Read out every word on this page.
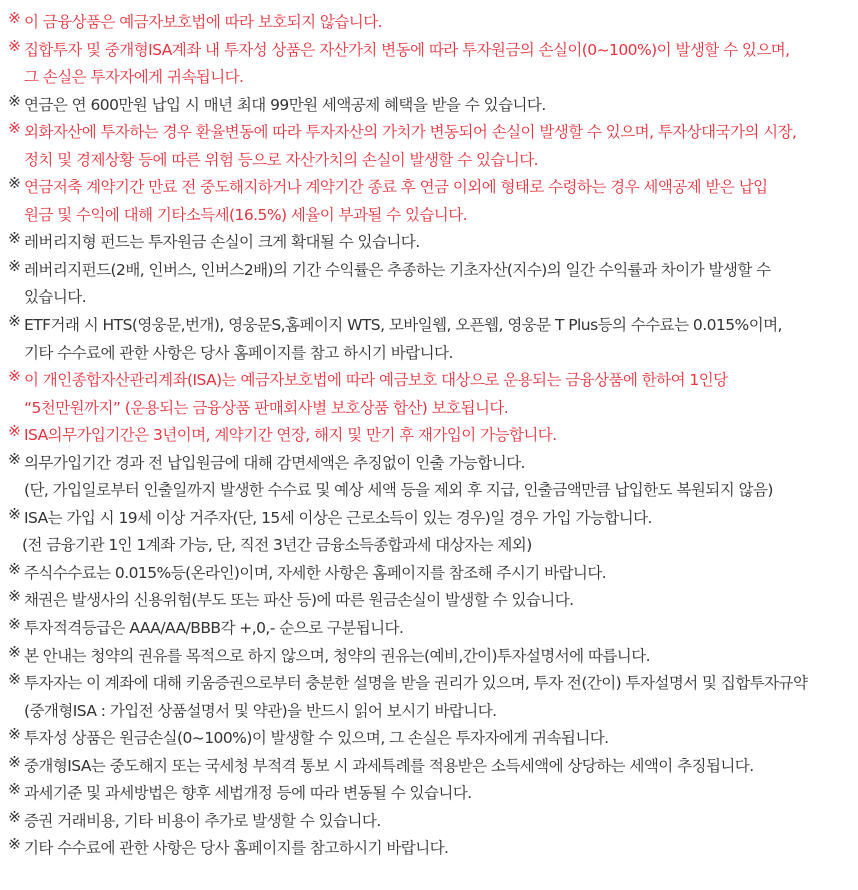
※ 이 금융상품은 예금자보호법에 따라 보호되지 않습니다.
※ 집합투자 및 중개형ISA계좌 내 투자성 상품은 자산가치 변동에 따라 투자원금의 손실이(0~100%)이 발생할 수 있으며,
그 손실은 투자자에게 귀속됩니다.
※ 연금은 연 600만원 납입 시 매년 최대 99만원 세액공제 혜택을 받을 수 있습니다.
※ 외화자산에 투자하는 경우 환율변동에 따라 투자자산의 가치가 변동되어 손실이 발생할 수 있으며, 투자상대국가의 시장,
정치 및 경제상황 등에 따른 위험 등으로 자산가치의 손실이 발생할 수 있습니다.
※ 연금저축 계약기간 만료 전 중도해지하거나 계약기간 종료 후 연금 이외에 형태로 수령하는 경우 세액공제 받은 납입
원금 및 수익에 대해 기타소득세(16.5%) 세율이 부과될 수 있습니다.
※ 레버리지형 펀드는 투자원금 손실이 크게 확대될 수 있습니다.
※ 레버리지펀드(2배, 인버스, 인버스2배)의 기간 수익률은 추종하는 기초자산(지수)의 일간 수익률과 차이가 발생할 수
있습니다.
※ ETF거래 시 HTS(영웅문,번개), 영웅문S,홈페이지 WTS, 모바일웹, 오픈웹, 영웅문 T Plus등의 수수료는 0.015%이며,
기타 수수료에 관한 사항은 당사 홈페이지를 참고 하시기 바랍니다.
※ 이 개인종합자산관리계좌(ISA)는 예금자보호법에 따라 예금보호 대상으로 운용되는 금융상품에 한하여 1인당
“5천만원까지” (운용되는 금융상품 판매회사별 보호상품 합산) 보호됩니다.
※ ISA의무가입기간은 3년이며, 계약기간 연장, 해지 및 만기 후 재가입이 가능합니다.
※ 의무가입기간 경과 전 납입원금에 대해 감면세액은 추징없이 인출 가능합니다.
(단, 가입일로부터 인출일까지 발생한 수수료 및 예상 세액 등을 제외 후 지급, 인출금액만큼 납입한도 복원되지 않음)
※ ISA는 가입 시 19세 이상 거주자(단, 15세 이상은 근로소득이 있는 경우)일 경우 가입 가능합니다.
(전 금융기관 1인 1계좌 가능, 단, 직전 3년간 금융소득종합과세 대상자는 제외)
※ 주식수수료는 0.015%등(온라인)이며, 자세한 사항은 홈페이지를 참조해 주시기 바랍니다.
※ 채권은 발생사의 신용위험(부도 또는 파산 등)에 따른 원금손실이 발생할 수 있습니다.
※ 투자적격등급은 AAA/AA/BBB각 +,0,- 순으로 구분됩니다.
※ 본 안내는 청약의 권유를 목적으로 하지 않으며, 청약의 권유는(예비,간이)투자설명서에 따릅니다.
※ 투자자는 이 계좌에 대해 키움증권으로부터 충분한 설명을 받을 권리가 있으며, 투자 전(간이) 투자설명서 및 집합투자규약
(중개형ISA : 가입전 상품설명서 및 약관)을 반드시 읽어 보시기 바랍니다.
※ 투자성 상품은 원금손실(0~100%)이 발생할 수 있으며, 그 손실은 투자자에게 귀속됩니다.
※ 중개형ISA는 중도해지 또는 국세청 부적격 통보 시 과세특례를 적용받은 소득세액에 상당하는 세액이 추징됩니다.
※ 과세기준 및 과세방법은 향후 세법개정 등에 따라 변동될 수 있습니다.
※ 증권 거래비용, 기타 비용이 추가로 발생할 수 있습니다.
※ 기타 수수료에 관한 사항은 당사 홈페이지를 참고하시기 바랍니다.
